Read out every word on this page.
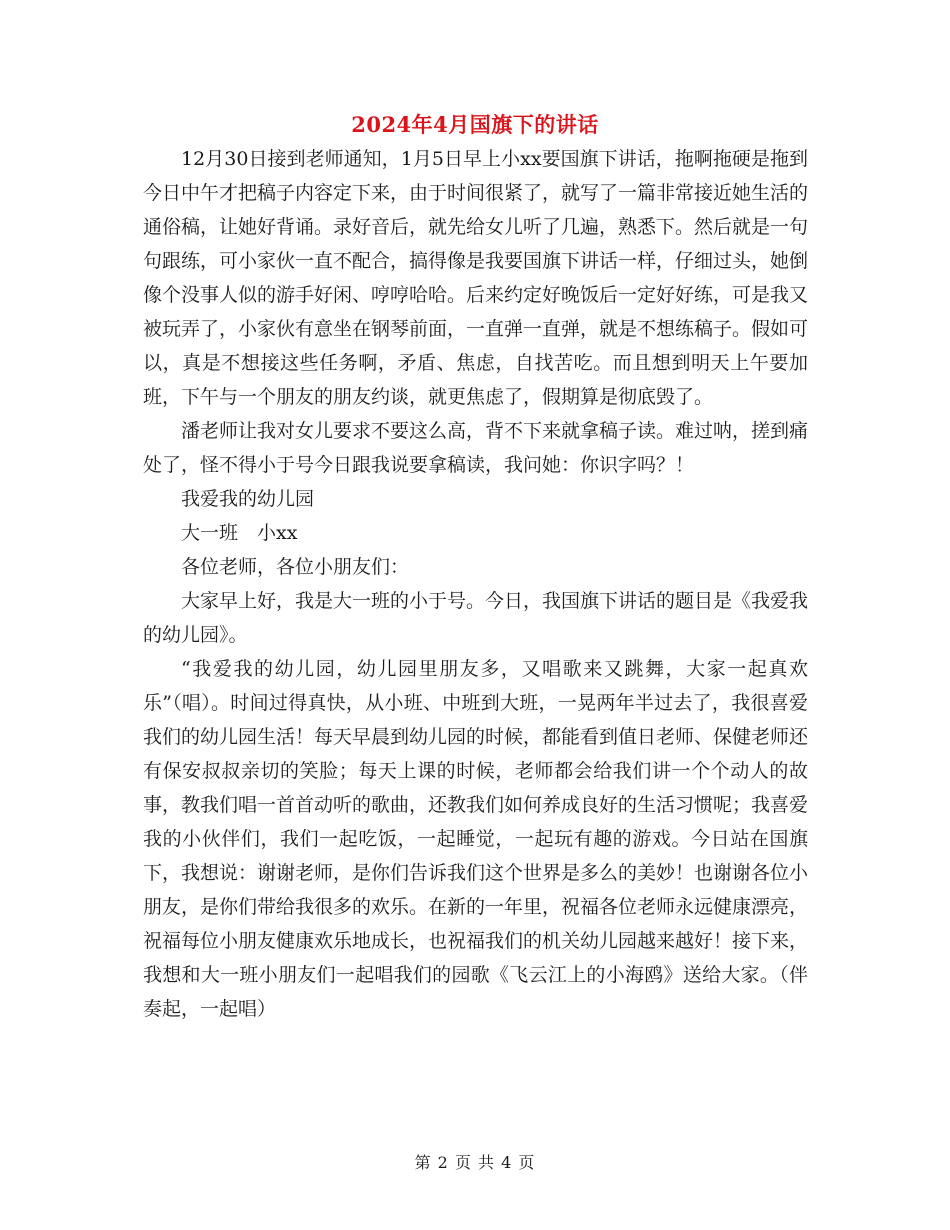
2024年4月国旗下的讲话

12月30日接到老师通知，1月5日早上小xx要国旗下讲话，拖啊拖硬是拖到今日中午才把稿子内容定下来，由于时间很紧了，就写了一篇非常接近她生活的通俗稿，让她好背诵。录好音后，就先给女儿听了几遍，熟悉下。然后就是一句句跟练，可小家伙一直不配合，搞得像是我要国旗下讲话一样，仔细过头，她倒像个没事人似的游手好闲、哼哼哈哈。后来约定好晚饭后一定好好练，可是我又被玩弄了，小家伙有意坐在钢琴前面，一直弹一直弹，就是不想练稿子。假如可以，真是不想接这些任务啊，矛盾、焦虑，自找苦吃。而且想到明天上午要加班，下午与一个朋友的朋友约谈，就更焦虑了，假期算是彻底毁了。

潘老师让我对女儿要求不要这么高，背不下来就拿稿子读。难过呐，搓到痛处了，怪不得小于号今日跟我说要拿稿读，我问她：你识字吗？！

我爱我的幼儿园

大一班　小xx

各位老师，各位小朋友们：

大家早上好，我是大一班的小于号。今日，我国旗下讲话的题目是《我爱我的幼儿园》。

“我爱我的幼儿园，幼儿园里朋友多，又唱歌来又跳舞，大家一起真欢乐”（唱）。时间过得真快，从小班、中班到大班，一晃两年半过去了，我很喜爱我们的幼儿园生活！每天早晨到幼儿园的时候，都能看到值日老师、保健老师还有保安叔叔亲切的笑脸；每天上课的时候，老师都会给我们讲一个个动人的故事，教我们唱一首首动听的歌曲，还教我们如何养成良好的生活习惯呢；我喜爱我的小伙伴们，我们一起吃饭，一起睡觉，一起玩有趣的游戏。今日站在国旗下，我想说：谢谢老师，是你们告诉我们这个世界是多么的美妙！也谢谢各位小朋友，是你们带给我很多的欢乐。在新的一年里，祝福各位老师永远健康漂亮，祝福每位小朋友健康欢乐地成长，也祝福我们的机关幼儿园越来越好！接下来，我想和大一班小朋友们一起唱我们的园歌《飞云江上的小海鸥》送给大家。（伴奏起，一起唱）

第 2 页 共 4 页
